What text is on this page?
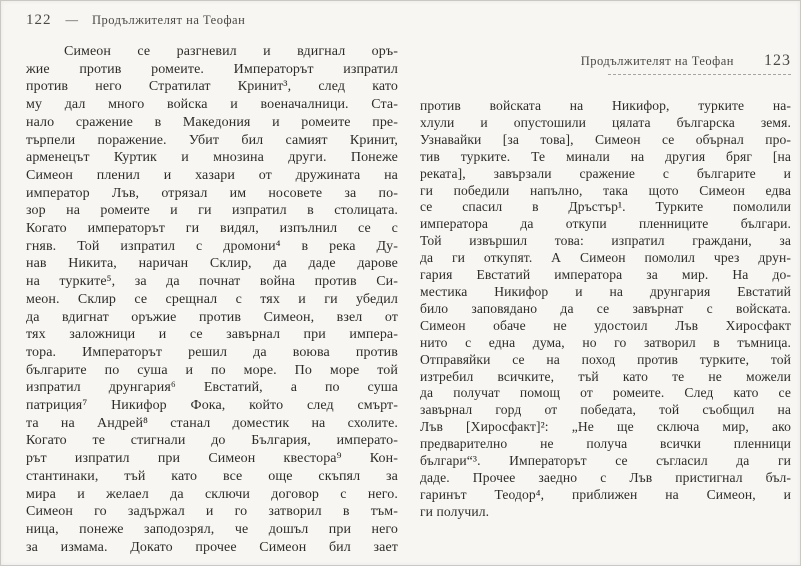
122 — Продължителят на Теофан
Симеон се разгневил и вдигнал оръ-
жие против ромеите. Императорът изпратил
против него Стратилат Кринит³, след като
му дал много войска и военачалници. Ста-
нало сражение в Македония и ромеите пре-
търпели поражение. Убит бил самият Кринит,
арменецът Куртик и мнозина други. Понеже
Симеон пленил и хазари от дружината на
император Лъв, отрязал им носовете за по-
зор на ромеите и ги изпратил в столицата.
Когато императорът ги видял, изпълнил се с
гняв. Той изпратил с дромони⁴ в река Ду-
нав Никита, наричан Склир, да даде дарове
на турките⁵, за да почнат война против Си-
меон. Склир се срещнал с тях и ги убедил
да вдигнат оръжие против Симеон, взел от
тях заложници и се завърнал при импера-
тора. Императорът решил да воюва против
българите по суша и по море. По море той
изпратил друнгария⁶ Евстатий, а по суша
патриция⁷ Никифор Фока, който след смърт-
та на Андрей⁸ станал доместик на схолите.
Когато те стигнали до България, императо-
рът изпратил при Симеон квестора⁹ Кон-
стантинаки, тъй като все още скъпял за
мира и желаел да сключи договор с него.
Симеон го задържал и го затворил в тъм-
ница, понеже заподозрял, че дошъл при него
за измама. Докато прочее Симеон бил зает
Продължителят на Теофан 123
против войската на Никифор, турките на-
хлули и опустошили цялата българска земя.
Узнавайки [за това], Симеон се обърнал про-
тив турките. Те минали на другия бряг [на
реката], завързали сражение с българите и
ги победили напълно, така щото Симеон едва
се спасил в Дръстър¹. Турките помолили
императора да откупи пленниците българи.
Той извършил това: изпратил граждани, за
да ги откупят. А Симеон помолил чрез друн-
гария Евстатий императора за мир. На до-
местика Никифор и на друнгария Евстатий
било заповядано да се завърнат с войската.
Симеон обаче не удостоил Лъв Хиросфакт
нито с една дума, но го затворил в тъмница.
Отправяйки се на поход против турките, той
изтребил всичките, тъй като те не можели
да получат помощ от ромеите. След като се
завърнал горд от победата, той съобщил на
Лъв [Хиросфакт]²: „Не ще сключа мир, ако
предварително не получа всички пленници
българи“³. Императорът се съгласил да ги
даде. Прочее заедно с Лъв пристигнал бъл-
гаринът Теодор⁴, приближен на Симеон, и
ги получил.
